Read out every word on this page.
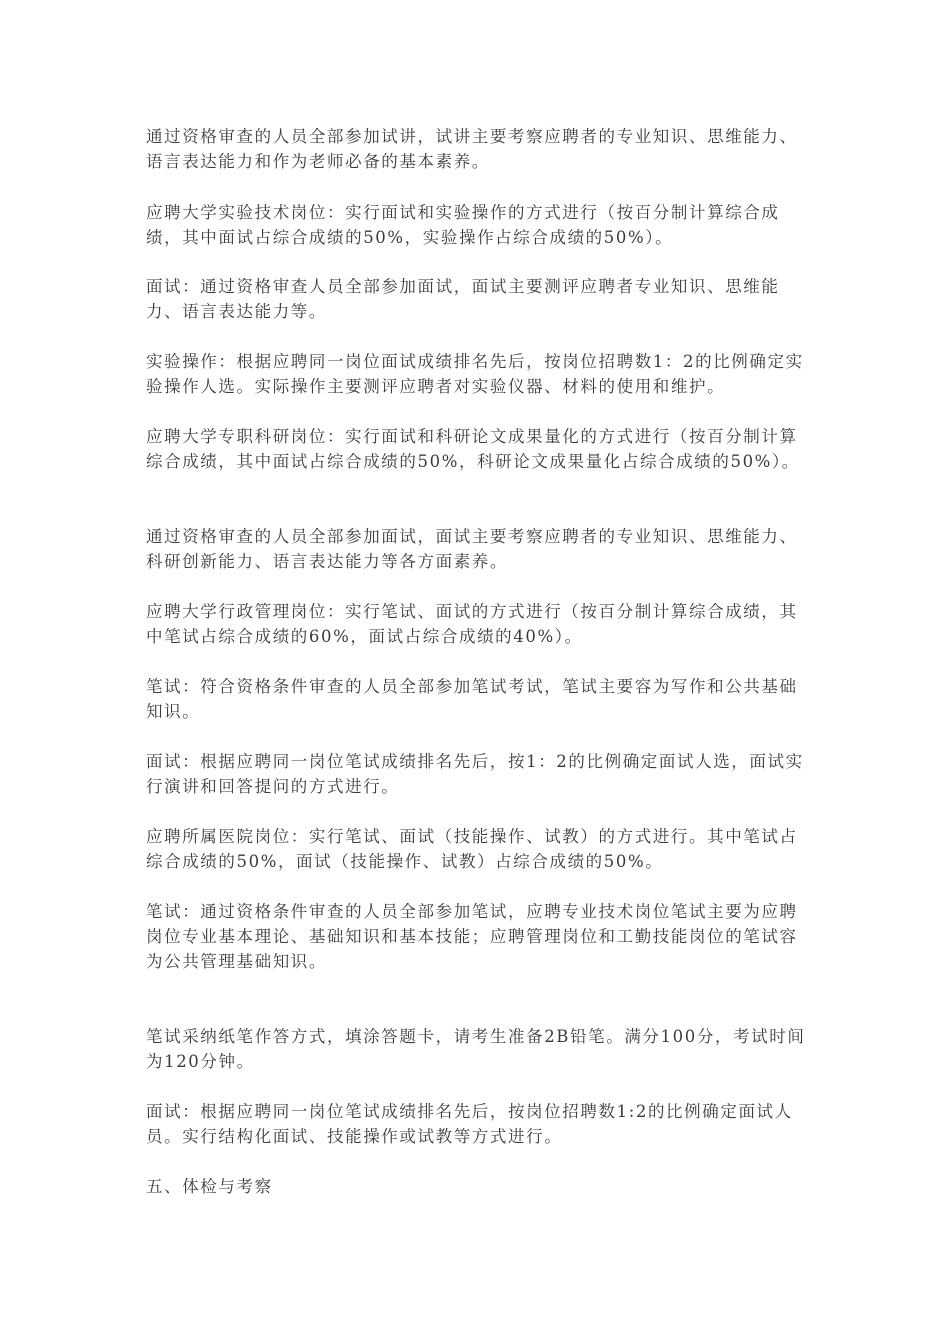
通过资格审查的人员全部参加试讲，试讲主要考察应聘者的专业知识、思维能力、语言表达能力和作为老师必备的基本素养。

应聘大学实验技术岗位：实行面试和实验操作的方式进行（按百分制计算综合成绩，其中面试占综合成绩的50%，实验操作占综合成绩的50%）。

面试：通过资格审查人员全部参加面试，面试主要测评应聘者专业知识、思维能力、语言表达能力等。

实验操作：根据应聘同一岗位面试成绩排名先后，按岗位招聘数1：2的比例确定实验操作人选。实际操作主要测评应聘者对实验仪器、材料的使用和维护。

应聘大学专职科研岗位：实行面试和科研论文成果量化的方式进行（按百分制计算综合成绩，其中面试占综合成绩的50%，科研论文成果量化占综合成绩的50%）。

通过资格审查的人员全部参加面试，面试主要考察应聘者的专业知识、思维能力、科研创新能力、语言表达能力等各方面素养。

应聘大学行政管理岗位：实行笔试、面试的方式进行（按百分制计算综合成绩，其中笔试占综合成绩的60%，面试占综合成绩的40%）。

笔试：符合资格条件审查的人员全部参加笔试考试，笔试主要容为写作和公共基础知识。

面试：根据应聘同一岗位笔试成绩排名先后，按1：2的比例确定面试人选，面试实行演讲和回答提问的方式进行。

应聘所属医院岗位：实行笔试、面试（技能操作、试教）的方式进行。其中笔试占综合成绩的50%，面试（技能操作、试教）占综合成绩的50%。

笔试：通过资格条件审查的人员全部参加笔试，应聘专业技术岗位笔试主要为应聘岗位专业基本理论、基础知识和基本技能；应聘管理岗位和工勤技能岗位的笔试容为公共管理基础知识。

笔试采纳纸笔作答方式，填涂答题卡，请考生准备2B铅笔。满分100分，考试时间为120分钟。

面试：根据应聘同一岗位笔试成绩排名先后，按岗位招聘数1:2的比例确定面试人员。实行结构化面试、技能操作或试教等方式进行。

五、体检与考察
